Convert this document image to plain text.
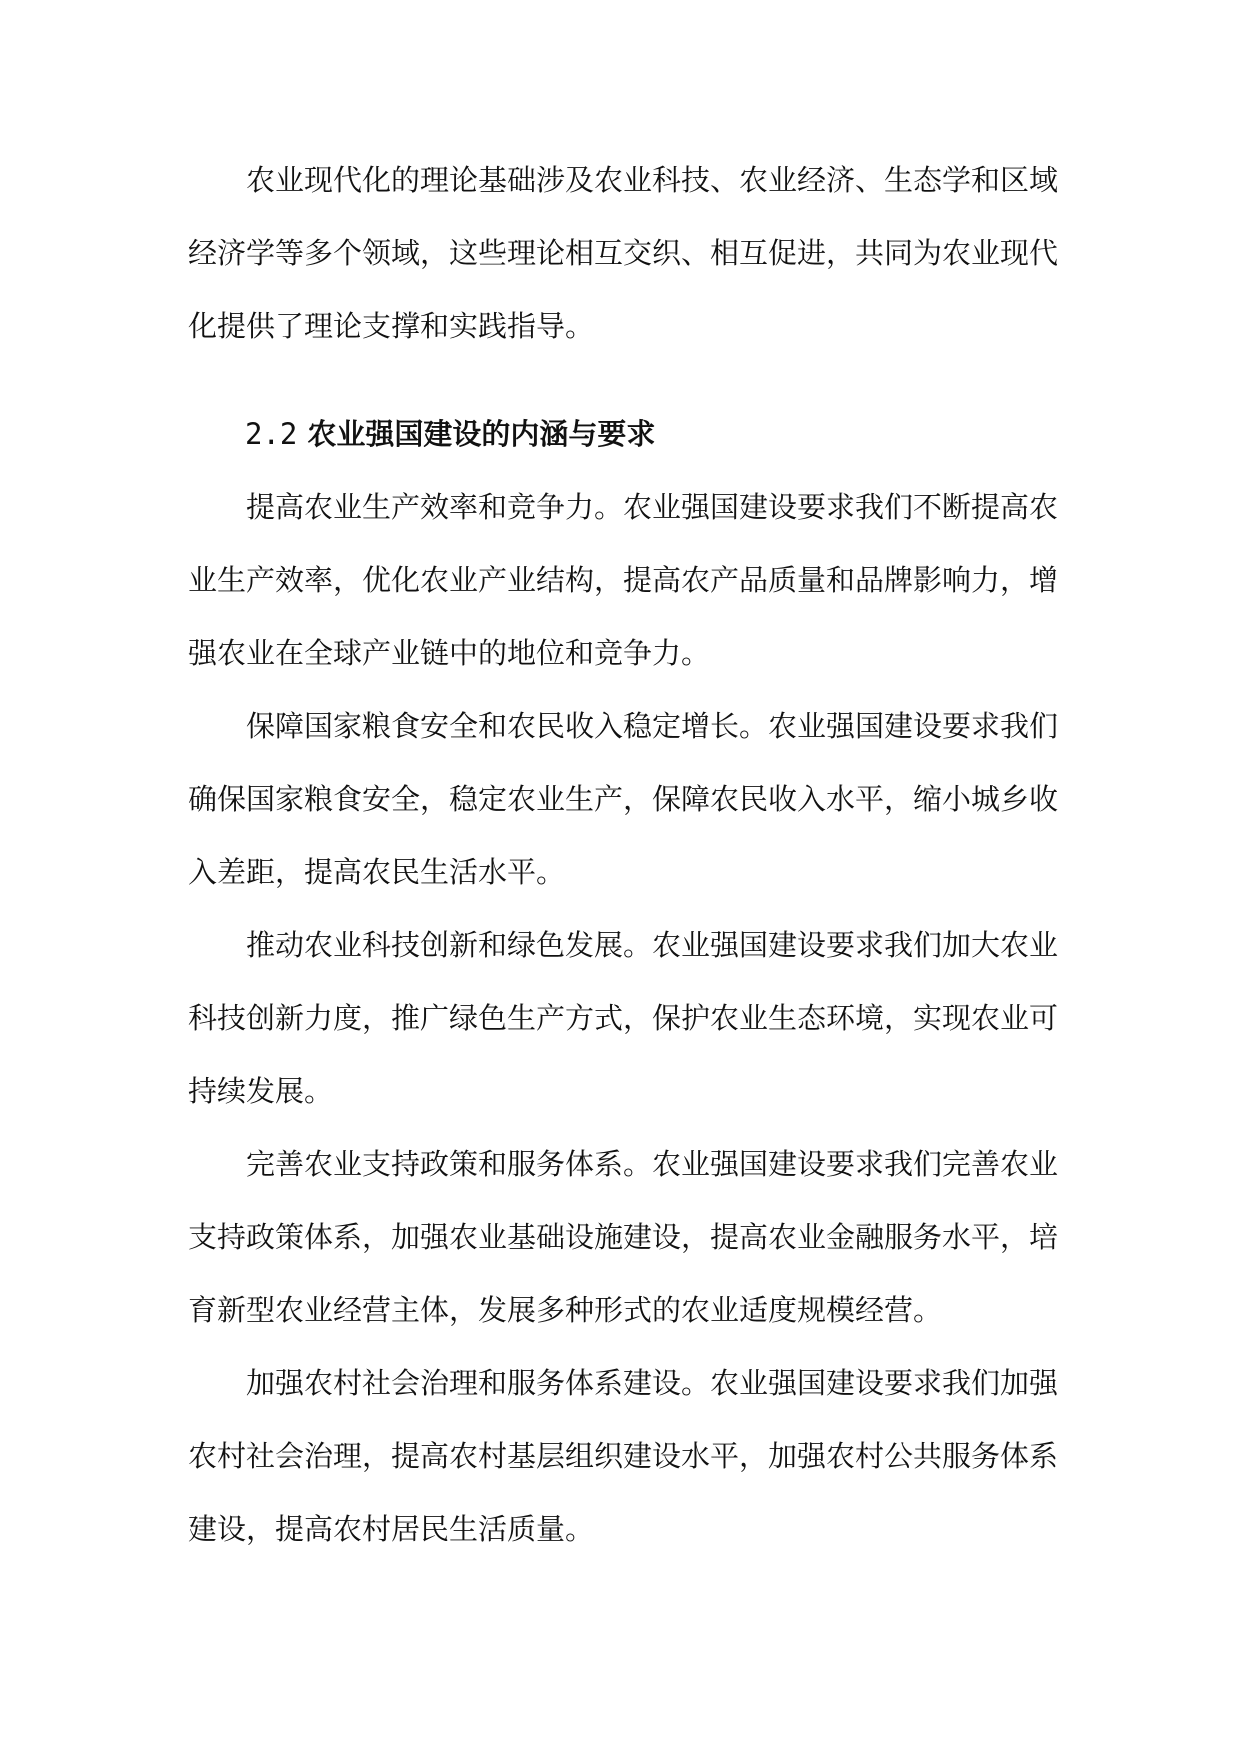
农业现代化的理论基础涉及农业科技、农业经济、生态学和区域经济学等多个领域，这些理论相互交织、相互促进，共同为农业现代化提供了理论支撑和实践指导。

2.2 农业强国建设的内涵与要求

提高农业生产效率和竞争力。农业强国建设要求我们不断提高农业生产效率，优化农业产业结构，提高农产品质量和品牌影响力，增强农业在全球产业链中的地位和竞争力。

保障国家粮食安全和农民收入稳定增长。农业强国建设要求我们确保国家粮食安全，稳定农业生产，保障农民收入水平，缩小城乡收入差距，提高农民生活水平。

推动农业科技创新和绿色发展。农业强国建设要求我们加大农业科技创新力度，推广绿色生产方式，保护农业生态环境，实现农业可持续发展。

完善农业支持政策和服务体系。农业强国建设要求我们完善农业支持政策体系，加强农业基础设施建设，提高农业金融服务水平，培育新型农业经营主体，发展多种形式的农业适度规模经营。

加强农村社会治理和服务体系建设。农业强国建设要求我们加强农村社会治理，提高农村基层组织建设水平，加强农村公共服务体系建设，提高农村居民生活质量。
